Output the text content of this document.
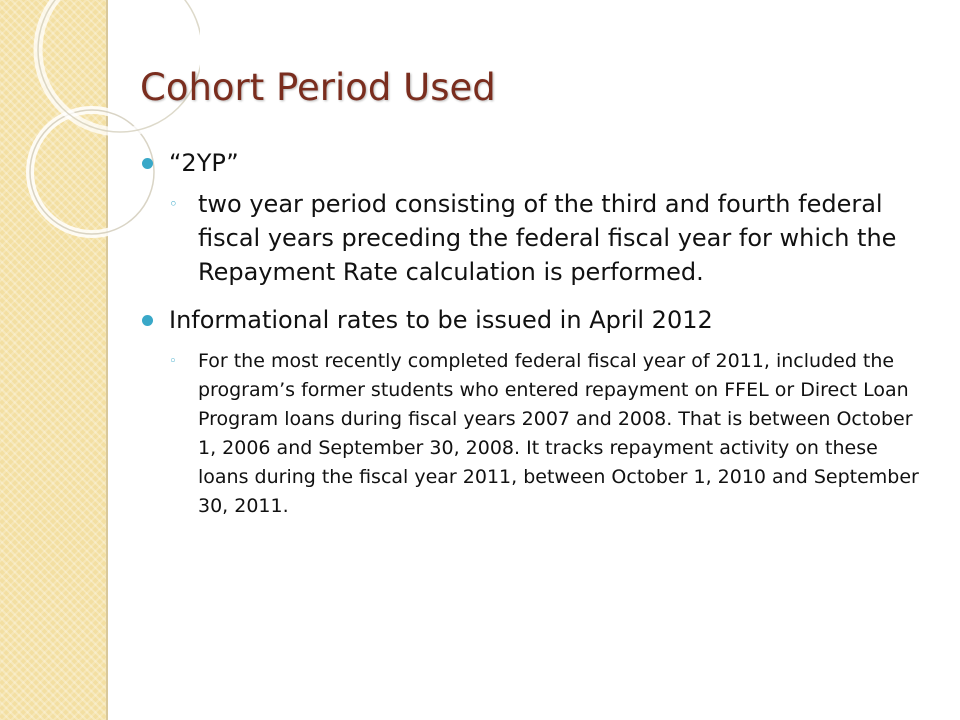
Cohort Period Used
“2YP”
◦ two year period consisting of the third and fourth federal fiscal years preceding the federal fiscal year for which the Repayment Rate calculation is performed.
Informational rates to be issued in April 2012
◦ For the most recently completed federal fiscal year of 2011, included the program’s former students who entered repayment on FFEL or Direct Loan Program loans during fiscal years 2007 and 2008. That is between October 1, 2006 and September 30, 2008. It tracks repayment activity on these loans during the fiscal year 2011, between October 1, 2010 and September 30, 2011.
